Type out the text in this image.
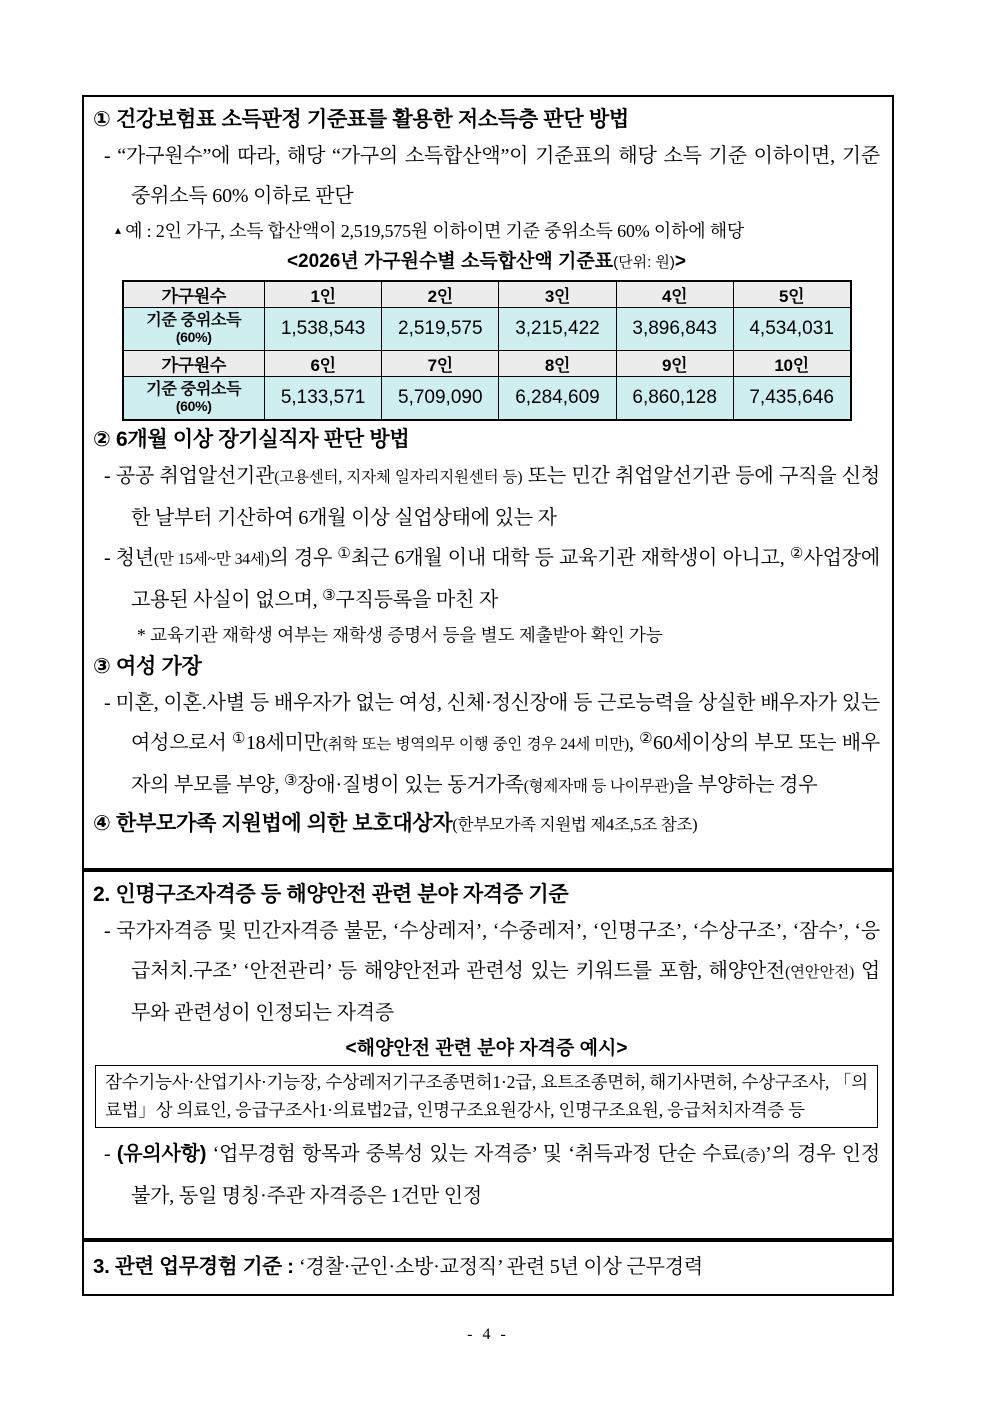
① 건강보험표 소득판정 기준표를 활용한 저소득층 판단 방법
- “가구원수”에 따라, 해당 “가구의 소득합산액”이 기준표의 해당 소득 기준 이하이면, 기준 중위소득 60% 이하로 판단
▴ 예 : 2인 가구, 소득 합산액이 2,519,575원 이하이면 기준 중위소득 60% 이하에 해당
<2026년 가구원수별 소득합산액 기준표(단위: 원)>
가구원수	1인	2인	3인	4인	5인

기준 중위소득
(60%)	1,538,543	2,519,575	3,215,422	3,896,843	4,534,031
가구원수	6인	7인	8인	9인	10인

기준 중위소득
(60%)	5,133,571	5,709,090	6,284,609	6,860,128	7,435,646
② 6개월 이상 장기실직자 판단 방법
- 공공 취업알선기관(고용센터, 지자체 일자리지원센터 등) 또는 민간 취업알선기관 등에 구직을 신청한 날부터 기산하여 6개월 이상 실업상태에 있는 자
- 청년(만 15세~만 34세)의 경우 ①최근 6개월 이내 대학 등 교육기관 재학생이 아니고, ②사업장에 고용된 사실이 없으며, ③구직등록을 마친 자
* 교육기관 재학생 여부는 재학생 증명서 등을 별도 제출받아 확인 가능
③ 여성 가장
- 미혼, 이혼.사별 등 배우자가 없는 여성, 신체·정신장애 등 근로능력을 상실한 배우자가 있는 여성으로서 ①18세미만(취학 또는 병역의무 이행 중인 경우 24세 미만), ②60세이상의 부모 또는 배우자의 부모를 부양, ③장애·질병이 있는 동거가족(형제자매 등 나이무관)을 부양하는 경우
④ 한부모가족 지원법에 의한 보호대상자(한부모가족 지원법 제4조,5조 참조)
2. 인명구조자격증 등 해양안전 관련 분야 자격증 기준
- 국가자격증 및 민간자격증 불문, ‘수상레저’, ‘수중레저’, ‘인명구조’, ‘수상구조’, ‘잠수’, ‘응급처치.구조’ ‘안전관리’ 등 해양안전과 관련성 있는 키워드를 포함, 해양안전(연안안전) 업무와 관련성이 인정되는 자격증
<해양안전 관련 분야 자격증 예시>
잠수기능사·산업기사·기능장, 수상레저기구조종면허1·2급, 요트조종면허, 해기사면허, 수상구조사, 「의료법」상 의료인, 응급구조사1·의료법2급, 인명구조요원강사, 인명구조요원, 응급처치자격증 등
- (유의사항) ‘업무경험 항목과 중복성 있는 자격증’ 및 ‘취득과정 단순 수료(증)’의 경우 인정 불가, 동일 명칭·주관 자격증은 1건만 인정
3. 관련 업무경험 기준 : ‘경찰·군인·소방·교정직’ 관련 5년 이상 근무경력
- 4 -
